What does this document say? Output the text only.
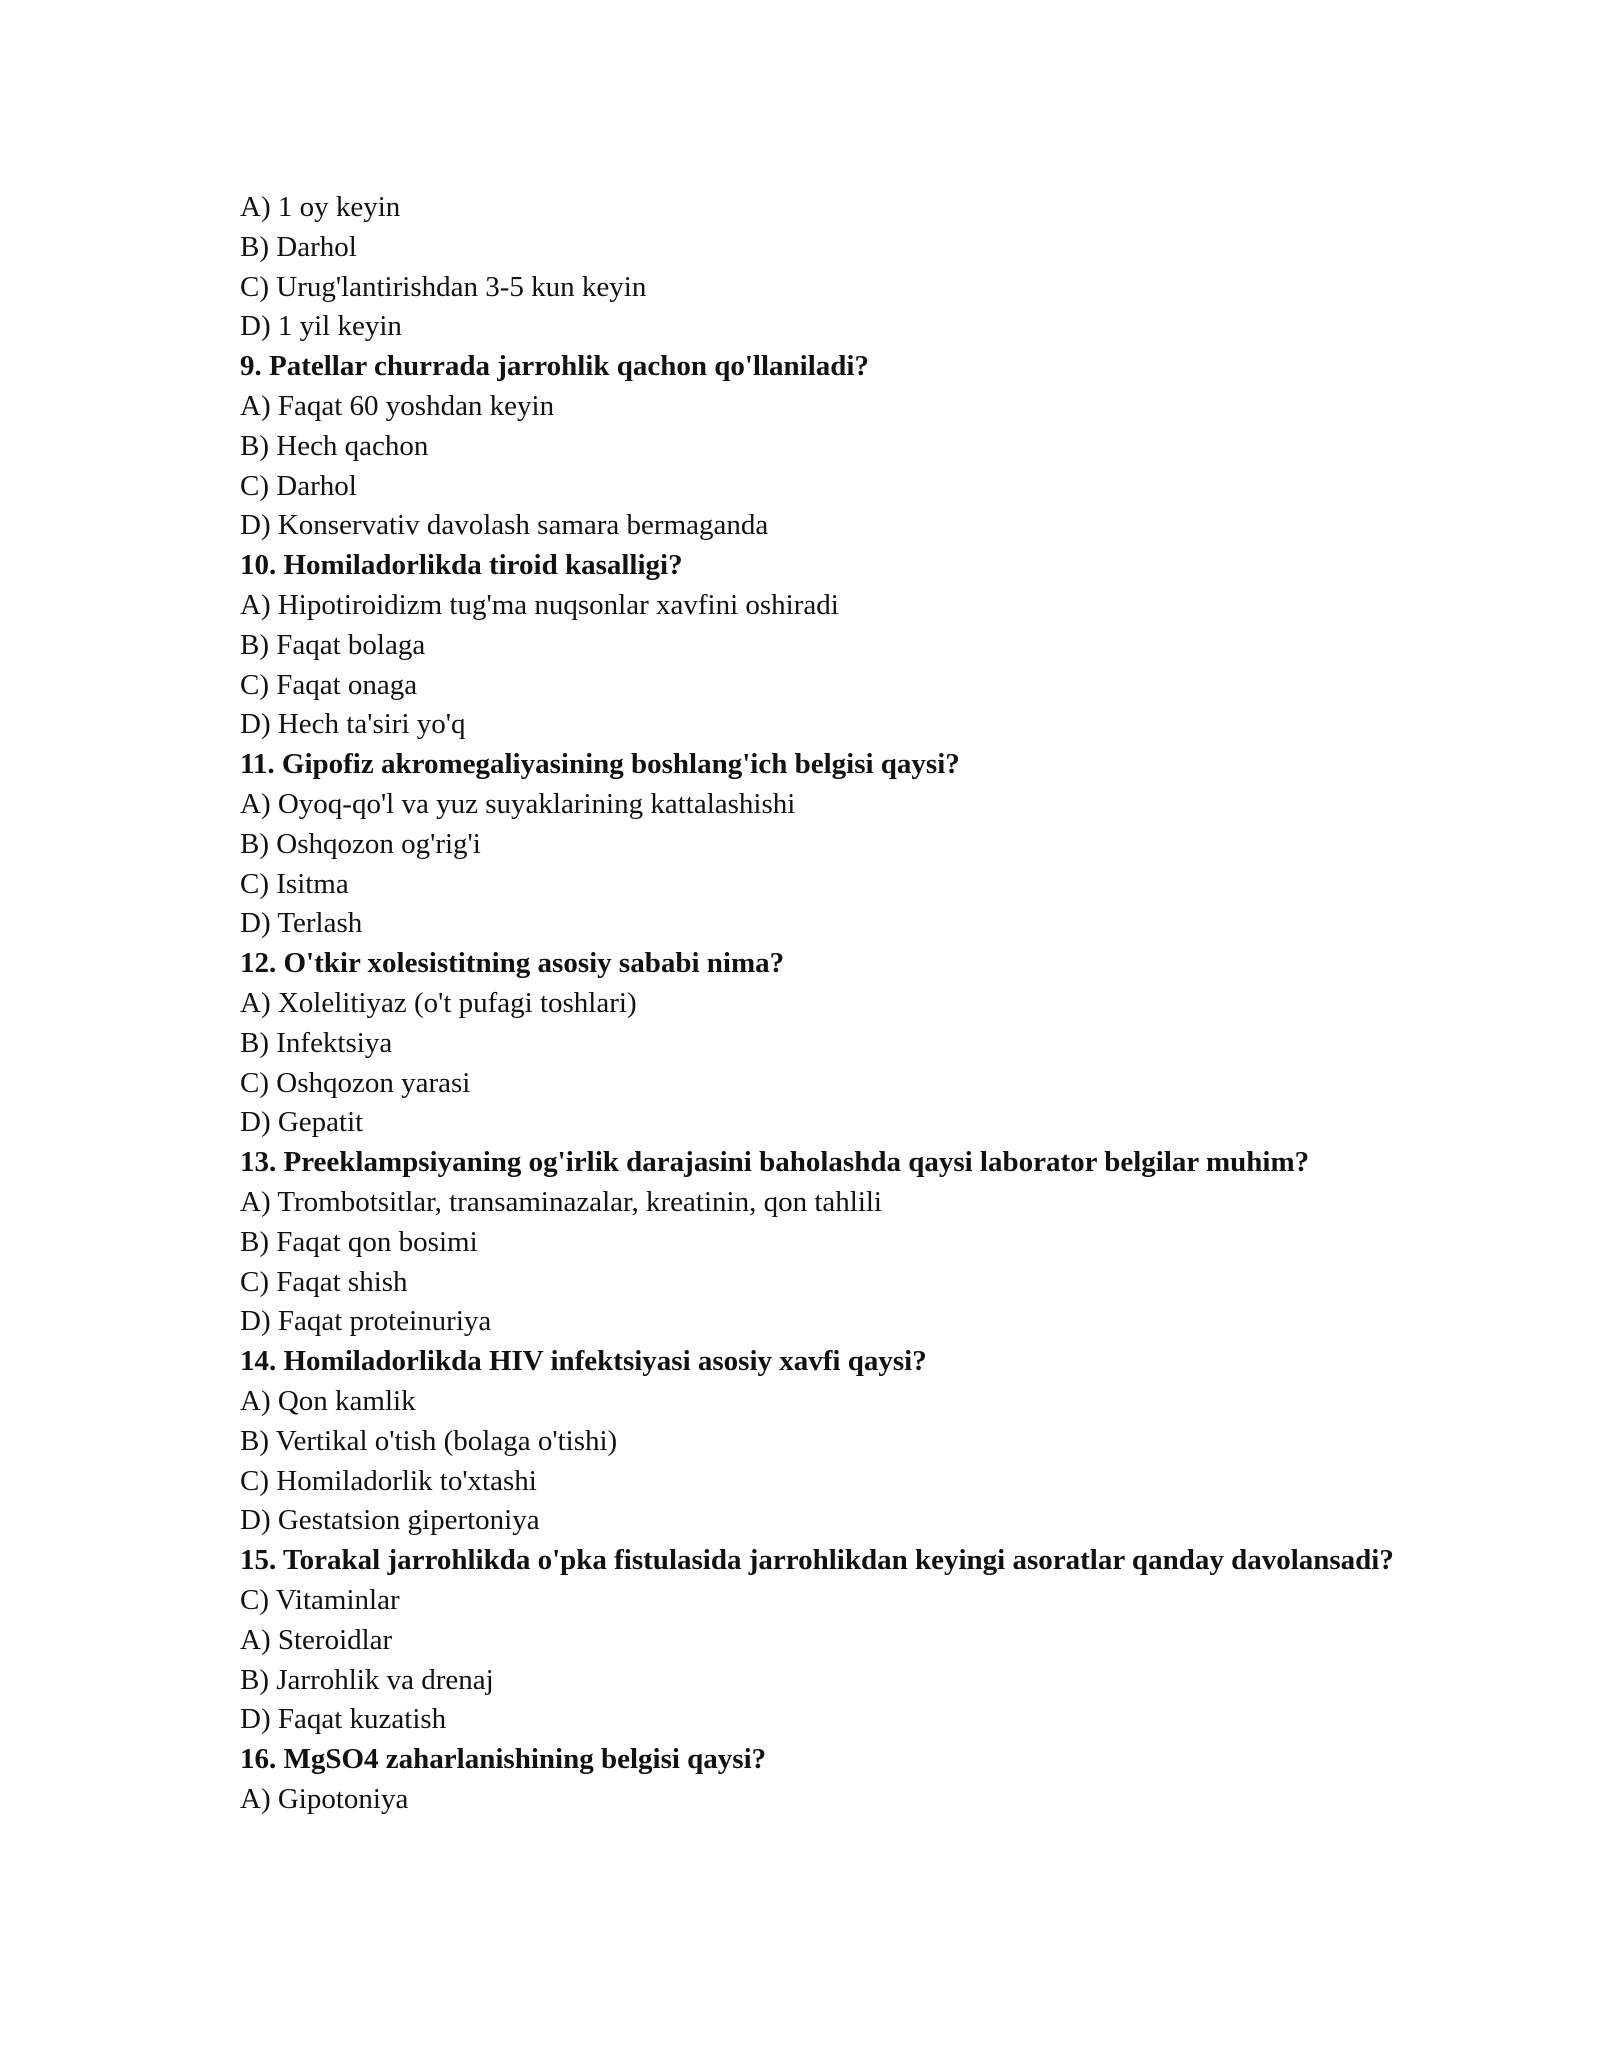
A) 1 oy keyin
B) Darhol
C) Urug'lantirishdan 3-5 kun keyin
D) 1 yil keyin
9. Patellar churrada jarrohlik qachon qo'llaniladi?
A) Faqat 60 yoshdan keyin
B) Hech qachon
C) Darhol
D) Konservativ davolash samara bermaganda
10. Homiladorlikda tiroid kasalligi?
A) Hipotiroidizm tug'ma nuqsonlar xavfini oshiradi
B) Faqat bolaga
C) Faqat onaga
D) Hech ta'siri yo'q
11. Gipofiz akromegaliyasining boshlang'ich belgisi qaysi?
A) Oyoq-qo'l va yuz suyaklarining kattalashishi
B) Oshqozon og'rig'i
C) Isitma
D) Terlash
12. O'tkir xolesistitning asosiy sababi nima?
A) Xolelitiyaz (o't pufagi toshlari)
B) Infektsiya
C) Oshqozon yarasi
D) Gepatit
13. Preeklampsiyaning og'irlik darajasini baholashda qaysi laborator belgilar muhim?
A) Trombotsitlar, transaminazalar, kreatinin, qon tahlili
B) Faqat qon bosimi
C) Faqat shish
D) Faqat proteinuriya
14. Homiladorlikda HIV infektsiyasi asosiy xavfi qaysi?
A) Qon kamlik
B) Vertikal o'tish (bolaga o'tishi)
C) Homiladorlik to'xtashi
D) Gestatsion gipertoniya
15. Torakal jarrohlikda o'pka fistulasida jarrohlikdan keyingi asoratlar qanday davolansadi?
C) Vitaminlar
A) Steroidlar
B) Jarrohlik va drenaj
D) Faqat kuzatish
16. MgSO4 zaharlanishining belgisi qaysi?
A) Gipotoniya
